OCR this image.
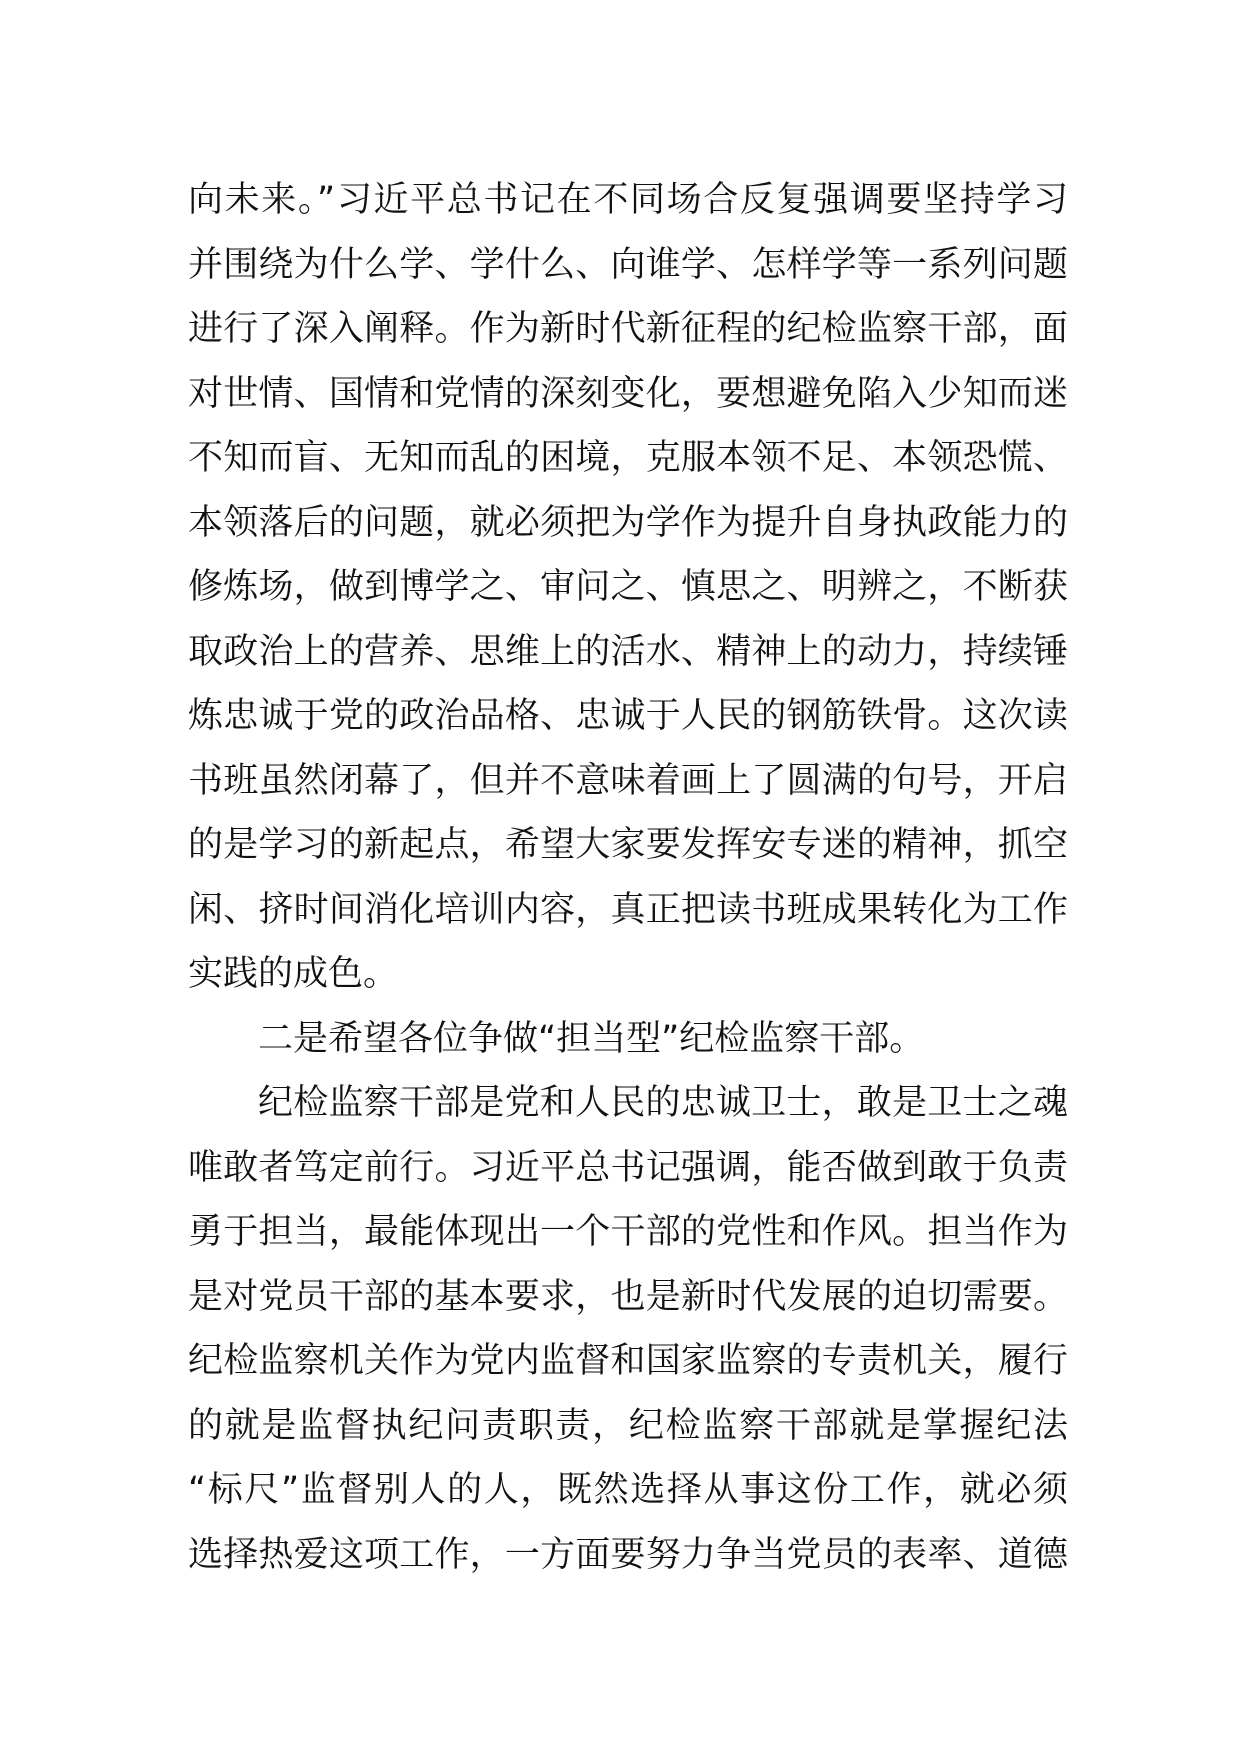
向未来。”习近平总书记在不同场合反复强调要坚持学习
并围绕为什么学、学什么、向谁学、怎样学等一系列问题
进行了深入阐释。作为新时代新征程的纪检监察干部，面
对世情、国情和党情的深刻变化，要想避免陷入少知而迷
不知而盲、无知而乱的困境，克服本领不足、本领恐慌、
本领落后的问题，就必须把为学作为提升自身执政能力的
修炼场，做到博学之、审问之、慎思之、明辨之，不断获
取政治上的营养、思维上的活水、精神上的动力，持续锤
炼忠诚于党的政治品格、忠诚于人民的钢筋铁骨。这次读
书班虽然闭幕了，但并不意味着画上了圆满的句号，开启
的是学习的新起点，希望大家要发挥安专迷的精神，抓空
闲、挤时间消化培训内容，真正把读书班成果转化为工作
实践的成色。
二是希望各位争做“担当型”纪检监察干部。
纪检监察干部是党和人民的忠诚卫士，敢是卫士之魂
唯敢者笃定前行。习近平总书记强调，能否做到敢于负责
勇于担当，最能体现出一个干部的党性和作风。担当作为
是对党员干部的基本要求，也是新时代发展的迫切需要。
纪检监察机关作为党内监督和国家监察的专责机关，履行
的就是监督执纪问责职责，纪检监察干部就是掌握纪法
“标尺”监督别人的人，既然选择从事这份工作，就必须
选择热爱这项工作，一方面要努力争当党员的表率、道德
